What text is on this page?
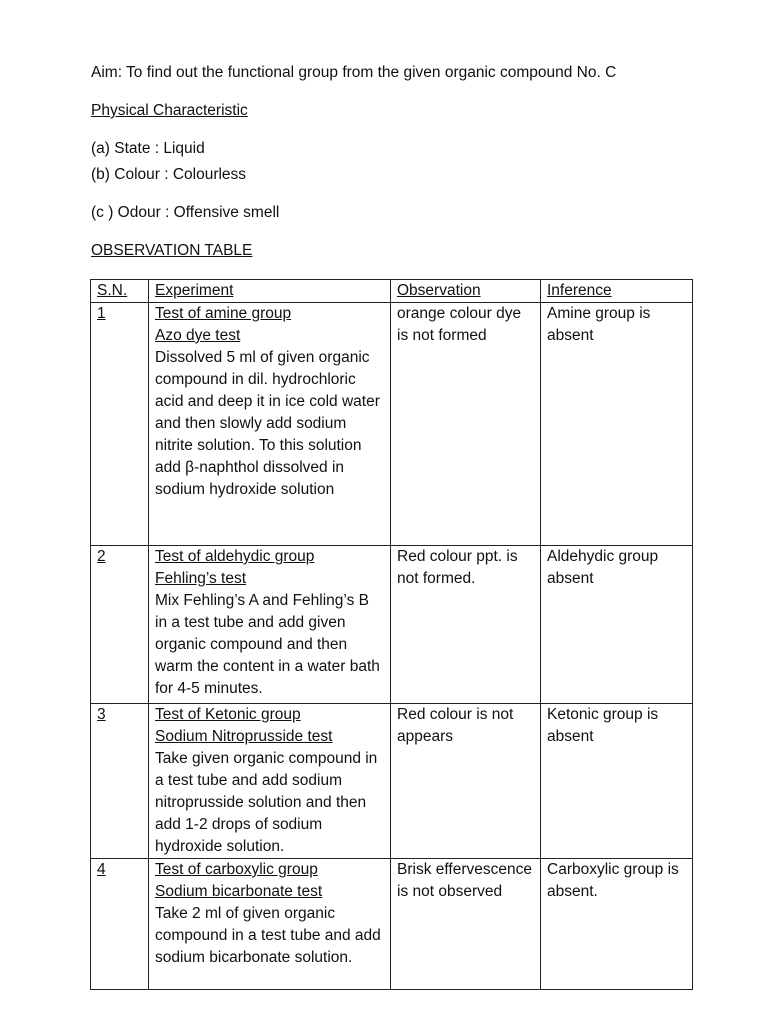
Aim: To find out the functional group from the given organic compound No. C
Physical Characteristic
(a) State : Liquid
(b) Colour : Colourless
(c ) Odour : Offensive smell
OBSERVATION TABLE
S.N.	Experiment	Observation	Inference
1	Test of amine group
Azo dye test
Dissolved 5 ml of given organic compound in dil. hydrochloric acid and deep it in ice cold water and then slowly add sodium nitrite solution. To this solution add β-naphthol dissolved in sodium hydroxide solution	orange colour dye is not formed	Amine group is absent
2	Test of aldehydic group
Fehling’s test
Mix Fehling’s A and Fehling’s B in a test tube and add given organic compound and then warm the content in a water bath for 4-5 minutes.	Red colour ppt. is not formed.	Aldehydic group absent
3	Test of Ketonic group
Sodium Nitroprusside test
Take given organic compound in a test tube and add sodium nitroprusside solution and then add 1-2 drops of sodium hydroxide solution.	Red colour is not appears	Ketonic group is absent
4	Test of carboxylic group
Sodium bicarbonate test
Take 2 ml of given organic compound in a test tube and add sodium bicarbonate solution.	Brisk effervescence is not observed	Carboxylic group is absent.
